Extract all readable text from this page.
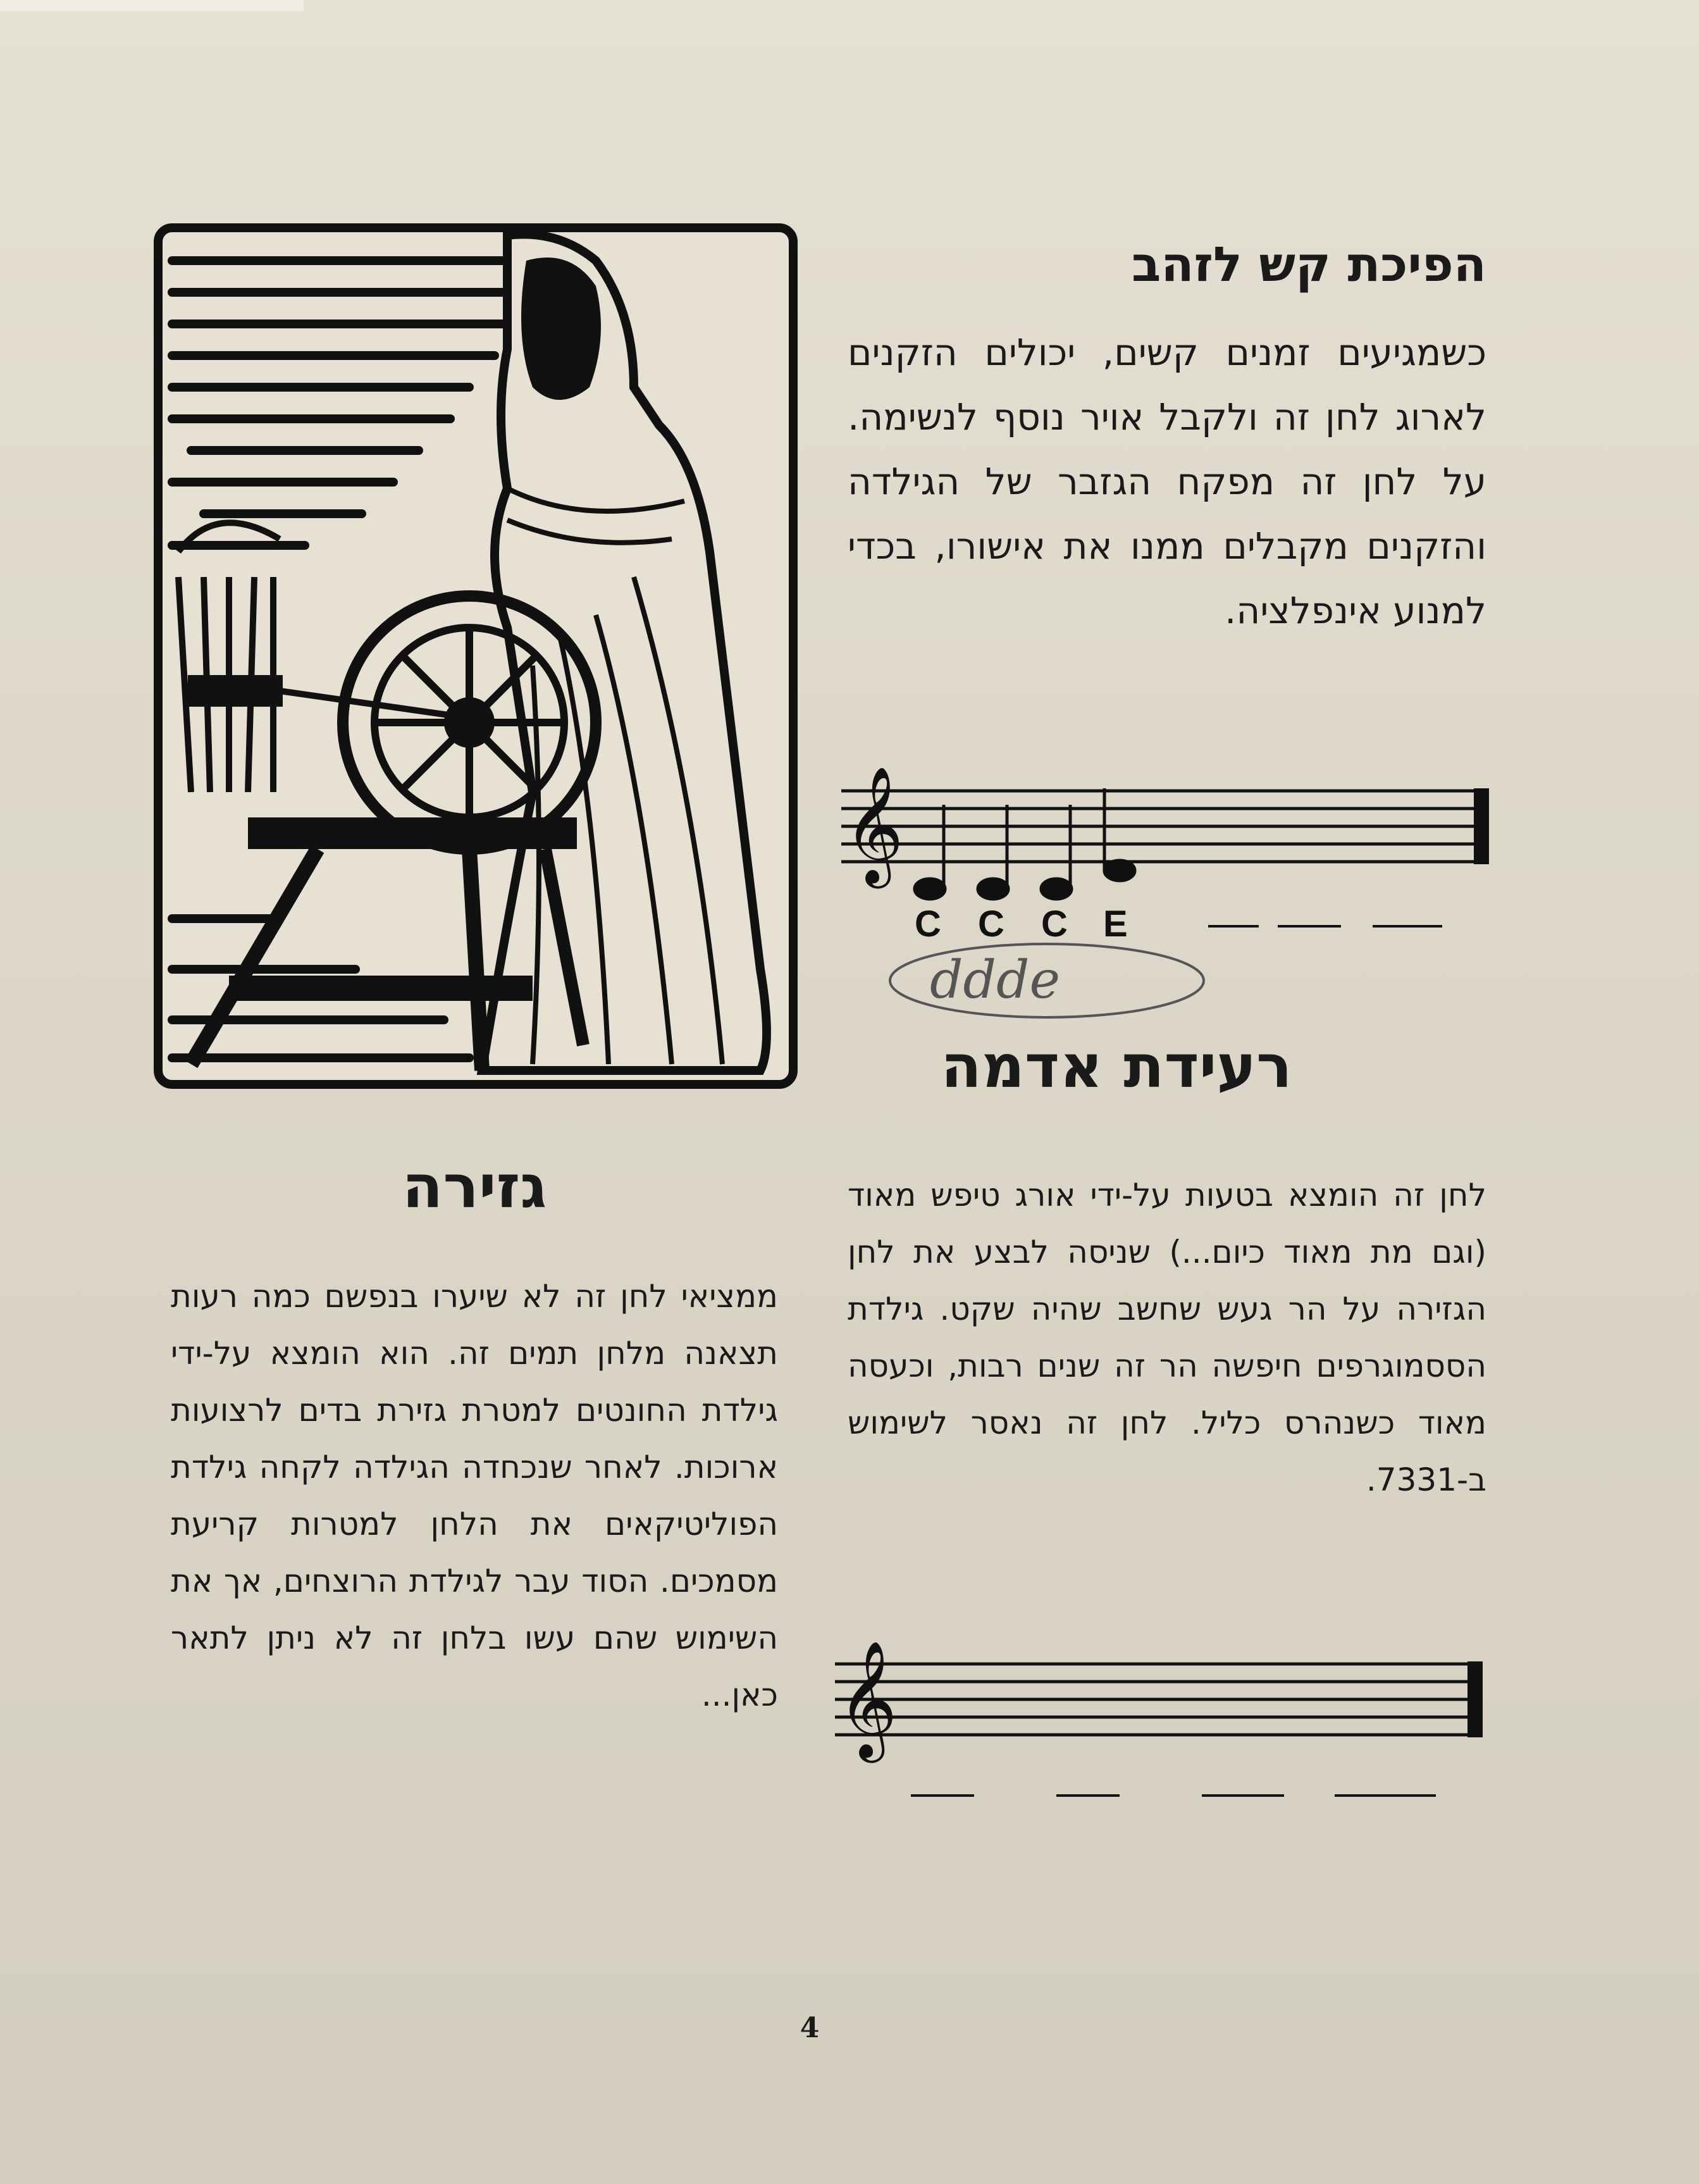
הפיכת קש לזהב

כשמגיעים זמנים קשים, יכולים הזקנים לארוג לחן זה ולקבל אויר נוסף לנשימה. על לחן זה מפקח הגזבר של הגילדה והזקנים מקבלים ממנו את אישורו, בכדי למנוע אינפלציה.

𝄞
C C C E
ddde
רעידת אדמה

לחן זה הומצא בטעות על-ידי אורג טיפש מאוד (וגם מת מאוד כיום...) שניסה לבצע את לחן הגזירה על הר געש שחשב שהיה שקט. גילדת הססמוגרפים חיפשה הר זה שנים רבות, וכעסה מאוד כשנהרס כליל. לחן זה נאסר לשימוש ב-7331.

𝄞
גזירה

ממציאי לחן זה לא שיערו בנפשם כמה רעות תצאנה מלחן תמים זה. הוא הומצא על-ידי גילדת החונטים למטרת גזירת בדים לרצועות ארוכות. לאחר שנכחדה הגילדה לקחה גילדת הפוליטיקאים את הלחן למטרות קריעת מסמכים. הסוד עבר לגילדת הרוצחים, אך את השימוש שהם עשו בלחן זה לא ניתן לתאר כאן...

4
